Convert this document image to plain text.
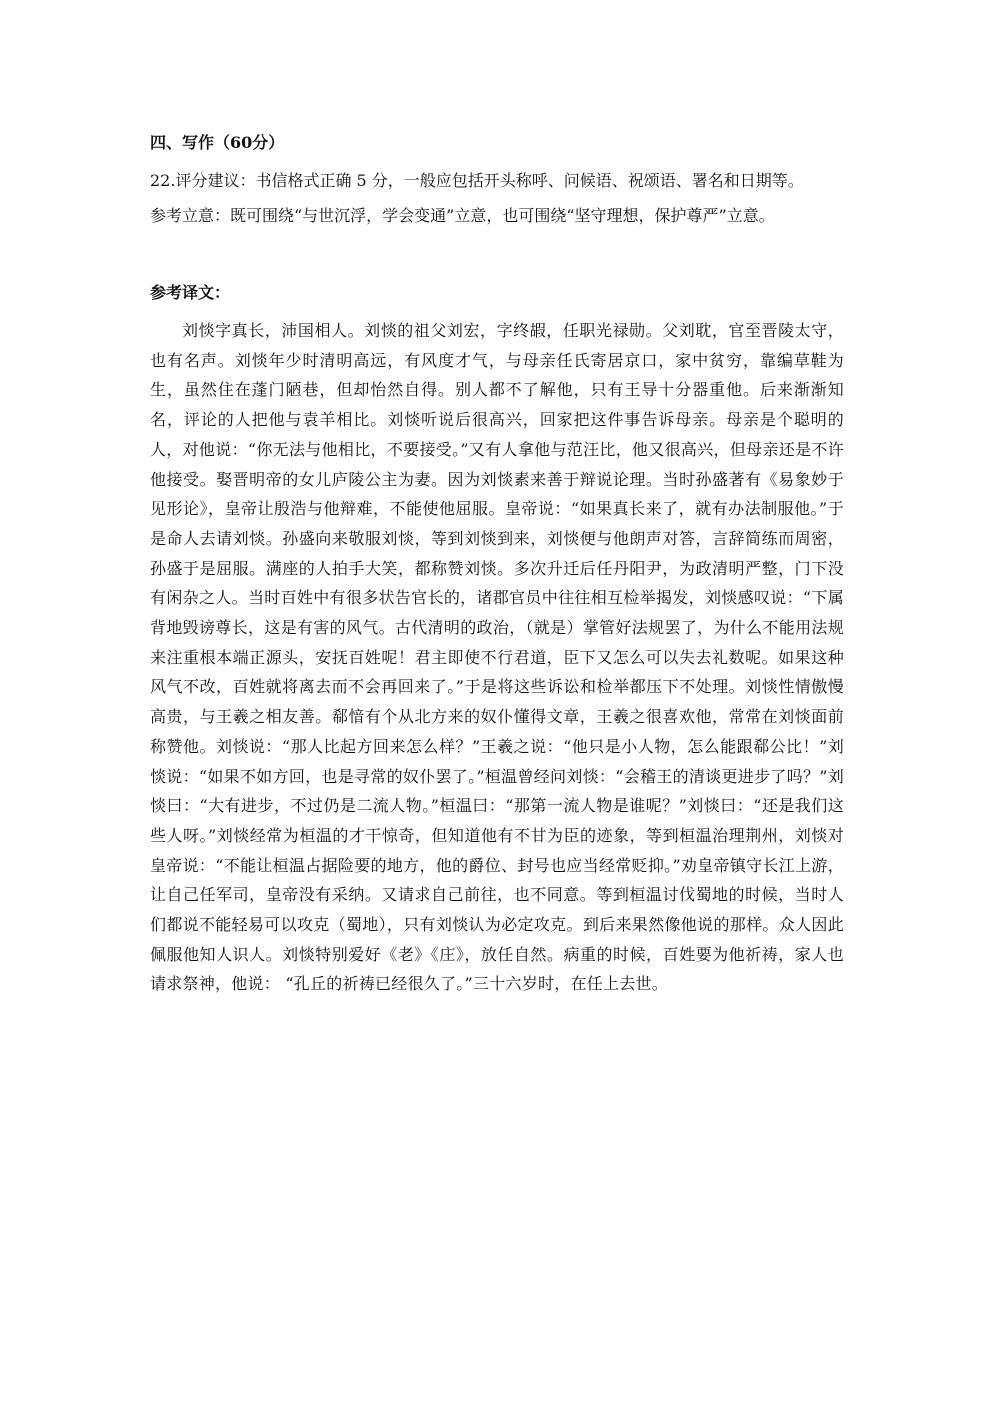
四、写作（60分）
22.评分建议：书信格式正确 5 分，一般应包括开头称呼、问候语、祝颂语、署名和日期等。
参考立意：既可围绕“与世沉浮，学会变通”立意，也可围绕“坚守理想，保护尊严”立意。
参考译文：
刘惔字真长，沛国相人。刘惔的祖父刘宏，字终嘏，任职光禄勋。父刘耽，官至晋陵太守，也有名声。刘惔年少时清明高远，有风度才气，与母亲任氏寄居京口，家中贫穷，靠编草鞋为生，虽然住在蓬门陋巷，但却怡然自得。别人都不了解他，只有王导十分器重他。后来渐渐知名，评论的人把他与袁羊相比。刘惔听说后很高兴，回家把这件事告诉母亲。母亲是个聪明的人，对他说：“你无法与他相比，不要接受。”又有人拿他与范汪比，他又很高兴，但母亲还是不许他接受。娶晋明帝的女儿庐陵公主为妻。因为刘惔素来善于辩说论理。当时孙盛著有《易象妙于见形论》，皇帝让殷浩与他辩难，不能使他屈服。皇帝说：“如果真长来了，就有办法制服他。”于是命人去请刘惔。孙盛向来敬服刘惔，等到刘惔到来，刘惔便与他朗声对答，言辞简练而周密，孙盛于是屈服。满座的人拍手大笑，都称赞刘惔。多次升迁后任丹阳尹，为政清明严整，门下没有闲杂之人。当时百姓中有很多状告官长的，诸郡官员中往往相互检举揭发，刘惔感叹说：“下属背地毁谤尊长，这是有害的风气。古代清明的政治，（就是）掌管好法规罢了，为什么不能用法规来注重根本端正源头，安抚百姓呢！君主即使不行君道，臣下又怎么可以失去礼数呢。如果这种风气不改，百姓就将离去而不会再回来了。”于是将这些诉讼和检举都压下不处理。刘惔性情傲慢高贵，与王羲之相友善。郗愔有个从北方来的奴仆懂得文章，王羲之很喜欢他，常常在刘惔面前称赞他。刘惔说：“那人比起方回来怎么样？”王羲之说：“他只是小人物，怎么能跟郗公比！”刘惔说：“如果不如方回，也是寻常的奴仆罢了。”桓温曾经问刘惔：“会稽王的清谈更进步了吗？”刘惔曰：“大有进步，不过仍是二流人物。”桓温曰：“那第一流人物是谁呢？”刘惔曰：“还是我们这些人呀。”刘惔经常为桓温的才干惊奇，但知道他有不甘为臣的迹象，等到桓温治理荆州，刘惔对皇帝说：“不能让桓温占据险要的地方，他的爵位、封号也应当经常贬抑。”劝皇帝镇守长江上游，让自己任军司，皇帝没有采纳。又请求自己前往，也不同意。等到桓温讨伐蜀地的时候，当时人们都说不能轻易可以攻克（蜀地），只有刘惔认为必定攻克。到后来果然像他说的那样。众人因此佩服他知人识人。刘惔特别爱好《老》《庄》，放任自然。病重的时候，百姓要为他祈祷，家人也请求祭神，他说： “孔丘的祈祷已经很久了。”三十六岁时，在任上去世。
